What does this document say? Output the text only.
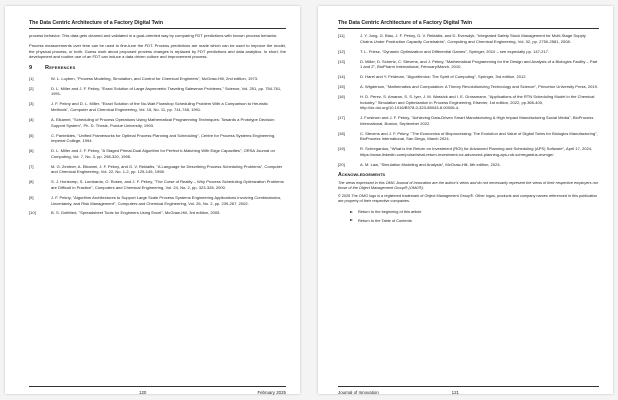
The Data Centric Architecture of a Factory Digital Twin

process behavior. This data gets cleaned and validated in a goal-oriented way by comparing FDT predictions with known process behavior.

Process measurements over time can be used to fine-tune the FDT. Process predictions are made which can be used to improve the model, the physical process, or both. Guess work about proposed process changes is replaced by FDT predictions and data analytics. In short, the development and routine use of an FDT can induce a data driven culture and improvement process.

9	References
[1]	W. L. Luyben, "Process Modeling, Simulation, and Control for Chemical Engineers", McGraw-Hill, 2nd edition, 1973.
[2]	D. L. Miller and J. F. Pekny, "Exact Solution of Large Asymmetric Traveling Salesman Problems," Science, Vol. 251, pp. 754-761, 1991.
[3]	J. F. Pekny and D. L. Miller, "Exact Solution of the No-Wait Flowshop Scheduling Problem With a Comparison to Heuristic Methods", Computer and Chemical Engineering, Vol. 15, No. 11, pp. 741-748, 1991.
[4]	A. Elkamel, "Scheduling of Process Operations Using Mathematical Programming Techniques: Towards a Prototype Decision Support System", Ph. D. Thesis, Purdue University, 1993.
[5]	C. Pantelides, "Unified Frameworks for Optimal Process Planning and Scheduling", Centre for Process Systems Engineering, Imperial College, 1994.
[6]	D. L. Miller and J. F. Pekny, "A Staged Primal-Dual Algorithm for Perfect b-Matching With Edge Capacities", ORSA Journal on Computing, Vol. 7, No. 3, pp. 298-320, 1995.
[7]	M. G. Zentner, A. Elkamel, J. F. Pekny, and G. V. Reklaitis, "A Language for Describing Process Scheduling Problems", Computer and Chemical Engineering, Vol. 22, No. 1-2, pp. 125-145, 1998.
[8]	S. J. Honkomp, S. Lombardo, O. Rosen, and J. F. Pekny, "The Curse of Reality – Why Process Scheduling Optimization Problems are Difficult in Practice", Computers and Chemical Engineering, Vol. 24, No. 2, pp. 323-328, 2000.
[9]	J. F. Pekny, "Algorithm Architectures to Support Large Scale Process Systems Engineering Applications Involving Combinatorics, Uncertainty, and Risk Management", Computers and Chemical Engineering, Vol. 26, No. 2, pp. 239-267, 2002.
[10]	B. S. Gottfried, "Spreadsheet Tools for Engineers Using Excel", McGraw-Hill, 3rd edition, 2005.
120	February 2025
The Data Centric Architecture of a Factory Digital Twin
[11]	J. Y. Jung, G. Blau, J. F. Pekny, G. V. Reklaitis, and D. Eversdyk, "Integrated Safety Stock Management for Multi-Stage Supply Chains Under Production Capacity Constraints", Computing and Chemical Engineering, Vol. 32, pp. 2750-2581, 2008.
[12]	T. L. Friesz, "Dynamic Optimization and Differential Games", Springer, 2010 – see especially pp. 147-217.
[13]	D. Miller, D. Schertz, C. Stevens, and J. Pekny, "Mathematical Programming for the Design and Analysis of a Biologics Facility – Part 1 and 2", BioPharm International, February/March, 2010.
[14]	D. Harel and Y. Feldman, "Algorithmics: The Spirit of Computing", Springer, 3rd edition, 2012.
[15]	A. Wigderson, "Mathematics and Computation: A Theory Revolutionizing Technology and Science", Princeton University Press, 2019.
[16]	H. D. Perez, S. Amaran, S. S. Iyer, J. M. Wassick and I. E. Grossmann, "Applications of the RTN Scheduling Model in the Chemical Industry." Simulation and Optimization in Process Engineering, Elsevier, 1st edition, 2022, pp.365-400, http://dx.doi.org/10.1016/B978-0-323-85043-8.00006-4.
[17]	J. Forstrom and J. F. Pekny, "Achieving Data-Driven Smart Manufacturing & High Impact Manufacturing Social Media", BioProcess International, Boston, September 2022.
[18]	C. Stevens and J. F. Pekny, "The Economics of Bioprocessing: The Evolution and Value of Digital Twins for Biologics Manufacturing", BioProcess International, San Diego, March 2024.
[19]	R. Schregardus, "What is the Return on Investment (ROI) for Advanced Planning and Scheduling (APS) Software", April 17, 2024, https://www.linkedin.com/pulse/what-return-investment-roi-advanced-planning-aps-rob-schregardus-mvmge/.
[20]	A. M. Law, "Simulation Modeling and Analysis", McGraw-Hill, 6th edition, 2024.
Acknowledgements

The views expressed in this OMG Journal of Innovation are the author's views and do not necessarily represent the views of their respective employers nor those of the Object Management Group® (OMG®).

© 2025 The OMG logo is a registered trademark of Object Management Group®. Other logos, products and company names referenced in this publication are property of their respective companies.

Return to the beginning of this article
Return to the Table of Contents
Journal of Innovation	121
